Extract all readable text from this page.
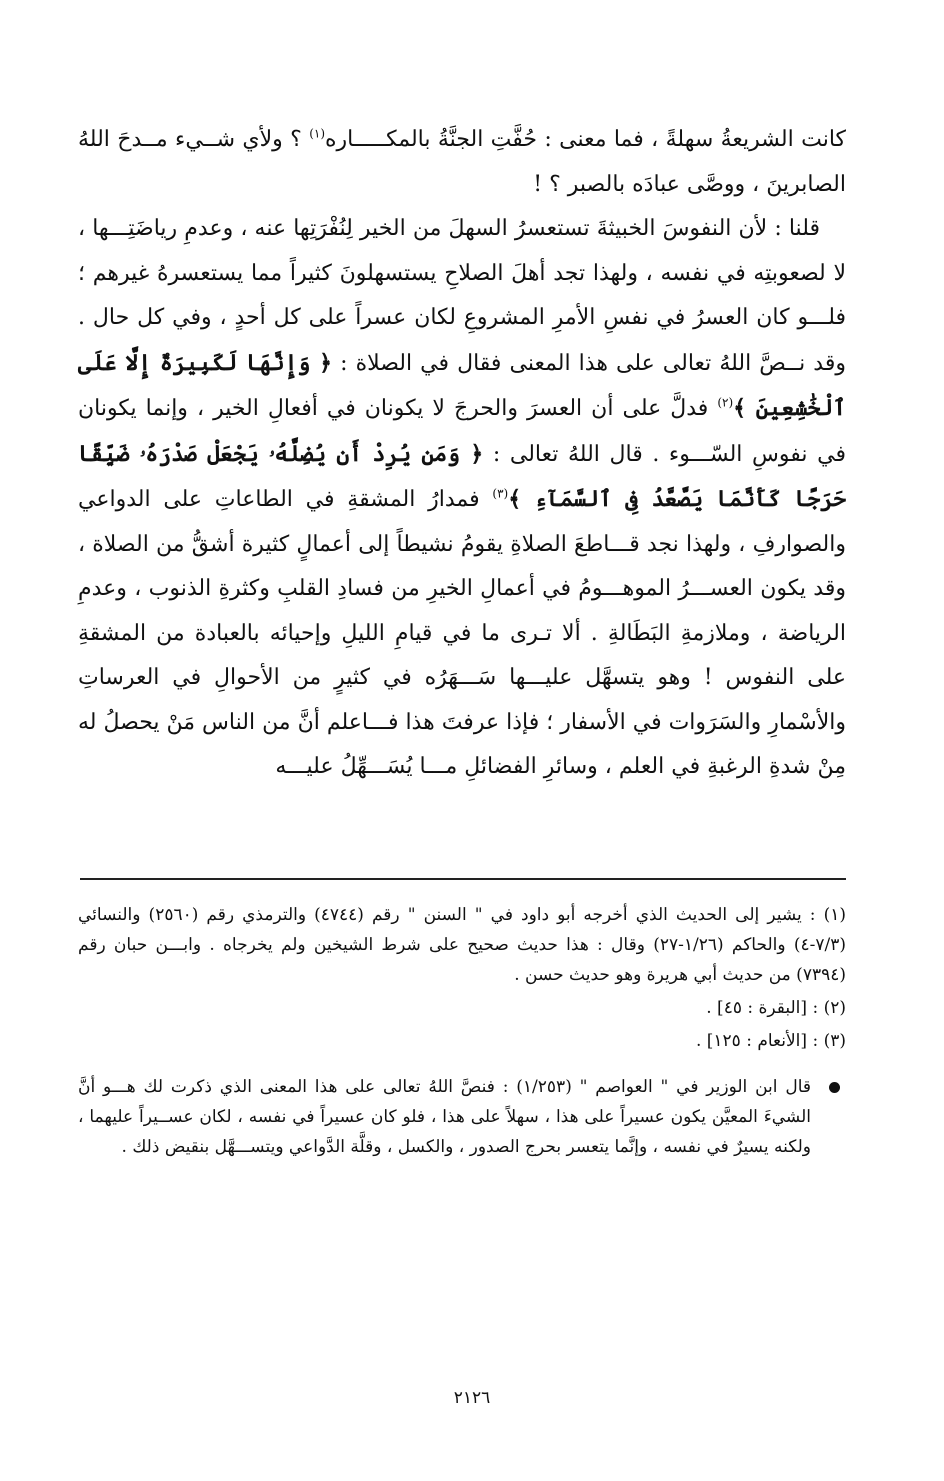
كانت الشريعةُ سهلةً ، فما معنى : حُفَّتِ الجنَّةُ بالمكـــــاره$^{(١)}$ ؟ ولأي شــيء مــدحَ اللهُ الصابرينَ ، ووصَّى عبادَه بالصبر ؟ !

قلنا : لأن النفوسَ الخبيثةَ تستعسرُ السهلَ من الخير لِنُفْرَتِها عنه ، وعدمِ رياضَتِـــها ، لا لصعوبتِه في نفسه ، ولهذا تجد أهلَ الصلاحِ يستسهلونَ كثيراً مما يستعسرهُ غيرهم ؛ فلـــو كان العسرُ في نفسِ الأمرِ المشروعِ لكان عسراً على كل أحدٍ ، وفي كل حال . وقد نــصَّ اللهُ تعالى على هذا المعنى فقال في الصلاة : ﴿ وَإِنَّهَا لَكَبِيرَةٌ إِلَّا عَلَى ٱلْخَٰشِعِينَ ﴾$^{(٢)}$ فدلَّ على أن العسرَ والحرجَ لا يكونان في أفعالِ الخير ، وإنما يكونان في نفوسِ السّـــوء . قال اللهُ تعالى : ﴿ وَمَن يُرِدْ أَن يُضِلَّهُۥ يَجْعَلْ صَدْرَهُۥ ضَيِّقًا حَرَجًا كَأَنَّمَا يَصَّعَّدُ فِى ٱلسَّمَآءِ ﴾$^{(٣)}$ فمدارُ المشقةِ في الطاعاتِ على الدواعي والصوارفِ ، ولهذا نجد قـــاطعَ الصلاةِ يقومُ نشيطاً إلى أعمالٍ كثيرة أشقُّ من الصلاة ، وقد يكون العســـرُ الموهـــومُ في أعمالِ الخيرِ من فسادِ القلبِ وكثرةِ الذنوب ، وعدمِ الرياضة ، وملازمةِ البَطَالةِ . ألا تـرى ما في قيامِ الليلِ وإحيائه بالعبادة من المشقةِ على النفوس ! وهو يتسهَّل عليـــها سَـــهَرُه في كثيرٍ من الأحوالِ في العرساتِ والأسْمارِ والسَرَوات في الأسفار ؛ فإذا عرفتَ هذا فـــاعلم أنَّ من الناس مَنْ يحصلُ له مِنْ شدةِ الرغبةِ في العلم ، وسائرِ الفضائلِ مـــا يُسَـــهِّلُ عليـــه

(١) : يشير إلى الحديث الذي أخرجه أبو داود في " السنن " رقم (٤٧٤٤) والترمذي رقم (٢٥٦٠) والنسائي (٧/٣-٤) والحاكم (١/٢٦-٢٧) وقال : هذا حديث صحيح على شرط الشيخين ولم يخرجاه . وابـــن حبان رقم (٧٣٩٤) من حديث أبي هريرة وهو حديث حسن .

(٢) : [البقرة : ٤٥] .

(٣) : [الأنعام : ١٢٥] .

قال ابن الوزير في " العواصم " (١/٢٥٣) : فنصَّ اللهُ تعالى على هذا المعنى الذي ذكرت لك هـــو أنَّ الشيءَ المعيَّن يكون عسيراً على هذا ، سهلاً على هذا ، فلو كان عسيراً في نفسه ، لكان عســيراً عليهما ، ولكنه يسيرٌ في نفسه ، وإنَّما يتعسر بحرج الصدور ، والكسل ، وقلَّة الدَّواعي ويتســـهَّل بنقيض ذلك .
٢١٢٦
